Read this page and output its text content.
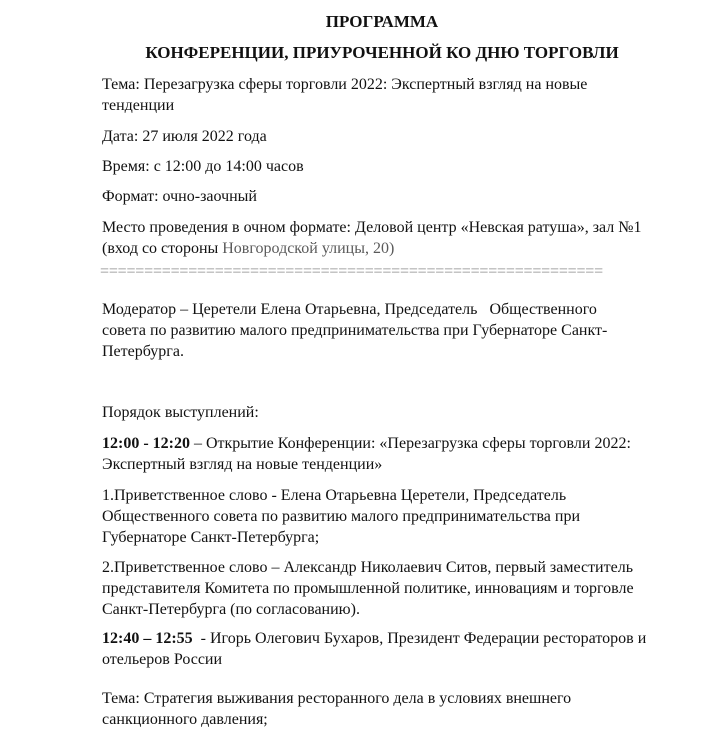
ПРОГРАММА
КОНФЕРЕНЦИИ, ПРИУРОЧЕННОЙ КО ДНЮ ТОРГОВЛИ
Тема: Перезагрузка сферы торговли 2022: Экспертный взгляд на новые тенденции
Дата: 27 июля 2022 года
Время: с 12:00 до 14:00 часов
Формат: очно-заочный
Место проведения в очном формате: Деловой центр «Невская ратуша», зал №1 (вход со стороны Новгородской улицы, 20)
=========================================================
Модератор – Церетели Елена Отарьевна, Председатель   Общественного совета по развитию малого предпринимательства при Губернаторе Санкт-Петербурга.
Порядок выступлений:
12:00 - 12:20 – Открытие Конференции: «Перезагрузка сферы торговли 2022: Экспертный взгляд на новые тенденции»
1.Приветственное слово - Елена Отарьевна Церетели, Председатель Общественного совета по развитию малого предпринимательства при Губернаторе Санкт-Петербурга;
2.Приветственное слово – Александр Николаевич Ситов, первый заместитель представителя Комитета по промышленной политике, инновациям и торговле Санкт-Петербурга (по согласованию).
12:40 – 12:55  - Игорь Олегович Бухаров, Президент Федерации рестораторов и отельеров России
Тема: Стратегия выживания ресторанного дела в условиях внешнего санкционного давления;
